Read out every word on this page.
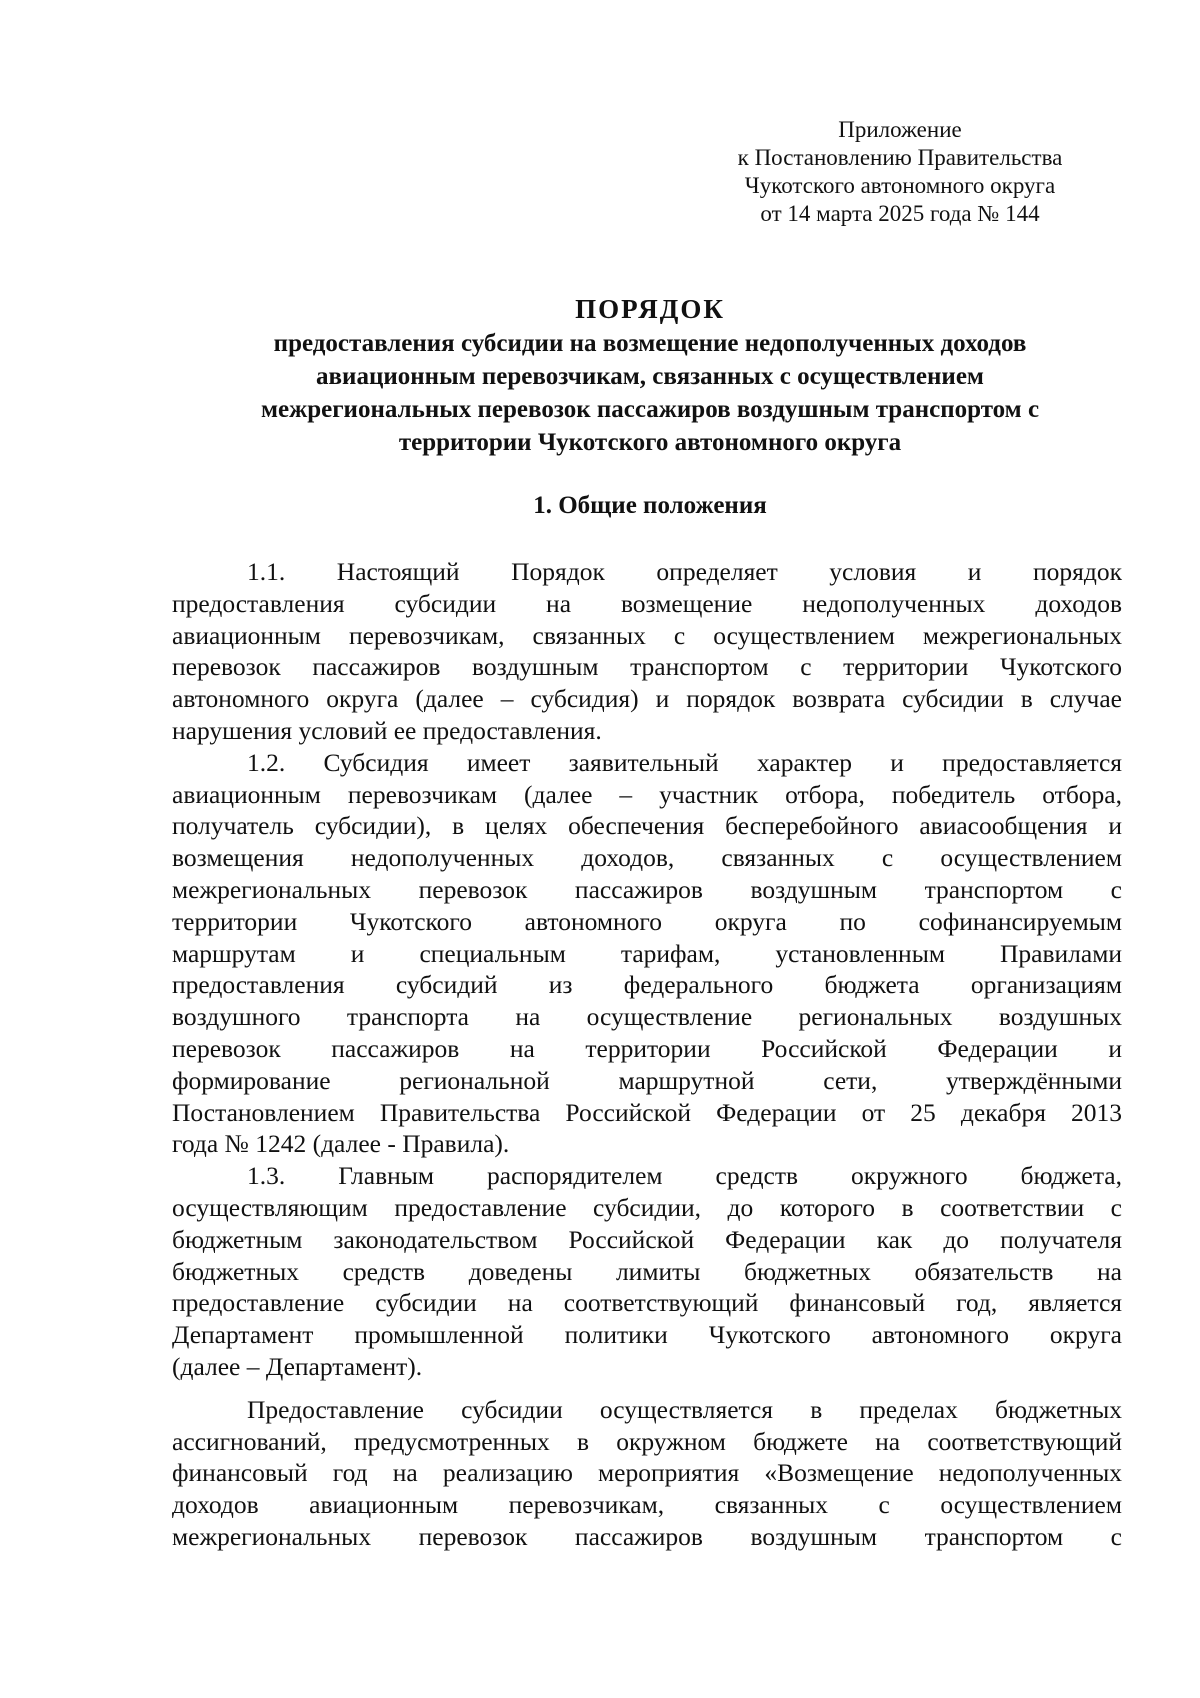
Приложение
к Постановлению Правительства
Чукотского автономного округа
от 14 марта 2025 года № 144
ПОРЯДОК
предоставления субсидии на возмещение недополученных доходов
авиационным перевозчикам, связанных с осуществлением
межрегиональных перевозок пассажиров воздушным транспортом с
территории Чукотского автономного округа
1. Общие положения
1.1. Настоящий Порядок определяет условия и порядок
предоставления субсидии на возмещение недополученных доходов
авиационным перевозчикам, связанных с осуществлением межрегиональных
перевозок пассажиров воздушным транспортом с территории Чукотского
автономного округа (далее – субсидия) и порядок возврата субсидии в случае
нарушения условий ее предоставления.
1.2. Субсидия имеет заявительный характер и предоставляется
авиационным перевозчикам (далее – участник отбора, победитель отбора,
получатель субсидии), в целях обеспечения бесперебойного авиасообщения и
возмещения недополученных доходов, связанных с осуществлением
межрегиональных перевозок пассажиров воздушным транспортом с
территории Чукотского автономного округа по софинансируемым
маршрутам и специальным тарифам, установленным Правилами
предоставления субсидий из федерального бюджета организациям
воздушного транспорта на осуществление региональных воздушных
перевозок пассажиров на территории Российской Федерации и
формирование региональной маршрутной сети, утверждёнными
Постановлением Правительства Российской Федерации от 25 декабря 2013
года № 1242 (далее - Правила).
1.3. Главным распорядителем средств окружного бюджета,
осуществляющим предоставление субсидии, до которого в соответствии с
бюджетным законодательством Российской Федерации как до получателя
бюджетных средств доведены лимиты бюджетных обязательств на
предоставление субсидии на соответствующий финансовый год, является
Департамент промышленной политики Чукотского автономного округа
(далее – Департамент).
Предоставление субсидии осуществляется в пределах бюджетных
ассигнований, предусмотренных в окружном бюджете на соответствующий
финансовый год на реализацию мероприятия «Возмещение недополученных
доходов авиационным перевозчикам, связанных с осуществлением
межрегиональных перевозок пассажиров воздушным транспортом с
